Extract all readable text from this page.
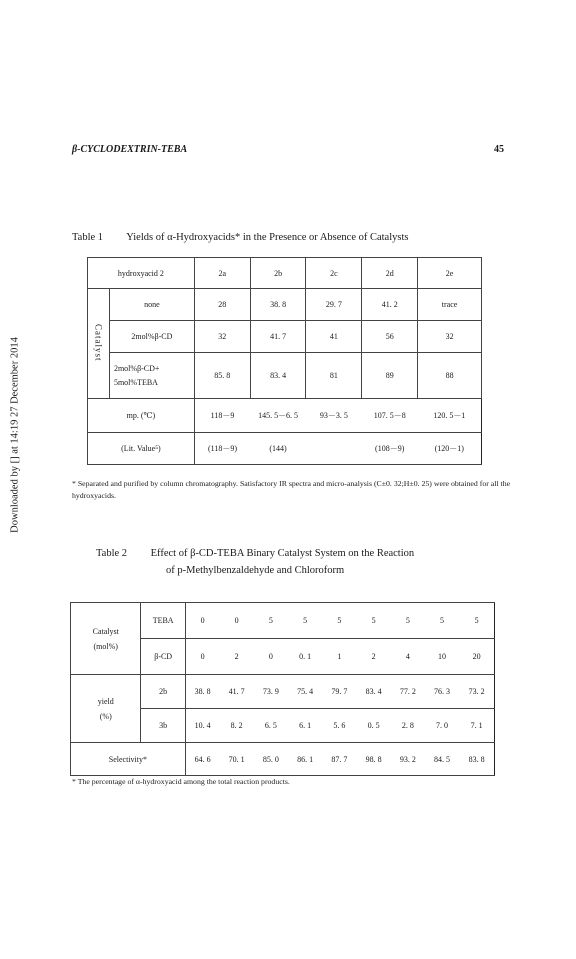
Downloaded by [] at 14:19 27 December 2014
β-CYCLODEXTRIN-TEBA	45
Table 1 Yields of α-Hydroxyacids* in the Presence or Absence of Catalysts
hydroxyacid 2		2a	2b	2c	2d	2e
Catalyst	none	28	38. 8	29. 7	41. 2	trace
	2mol%β-CD	32	41. 7	41	56	32
	2mol%β-CD+
5mol%TEBA	85. 8	83. 4	81	89	88
mp. (℃)		118－9	145. 5－6. 5	93－3. 5	107. 5－8	120. 5－1
(Lit. Value⁵)		(118－9)	(144)		(108－9)	(120－1)
* Separated and purified by column chromatography. Satisfactory IR spectra and micro-analysis (C±0. 32;H±0. 25) were obtained for all the hydroxyacids.
Table 2 Effect of β-CD-TEBA Binary Catalyst System on the Reaction
of p-Methylbenzaldehyde and Chloroform
Catalyst
(mol%)	TEBA	0	0	5	5	5	5	5	5	5
	β-CD	0	2	0	0. 1	1	2	4	10	20
yield
(%)	2b	38. 8	41. 7	73. 9	75. 4	79. 7	83. 4	77. 2	76. 3	73. 2
	3b	10. 4	8. 2	6. 5	6. 1	5. 6	0. 5	2. 8	7. 0	7. 1
Selectivity*		64. 6	70. 1	85. 0	86. 1	87. 7	98. 8	93. 2	84. 5	83. 8
* The percentage of α-hydroxyacid among the total reaction products.
